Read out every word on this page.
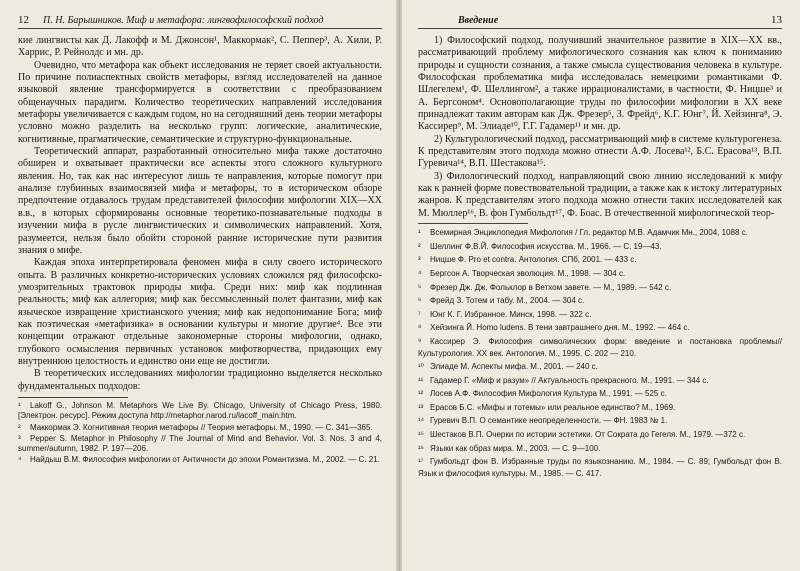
12 П. Н. Барышников. Миф и метафора: лингвофилософский подход

кие лингвисты как Д. Лакофф и М. Джонсон¹, Маккормак², С. Пеппер³, А. Хили, Р. Харрис, Р. Рейнолдс и мн. др.

Очевидно, что метафора как объект исследования не теряет своей актуальности. По причине полиаспектных свойств метафоры, взгляд исследователей на данное языковой явление трансформируется в соответствии с преобразованием общенаучных парадигм. Количество теоретических направлений исследования метафоры увеличивается с каждым годом, но на сегодняшний день теории метафоры условно можно разделить на несколько групп: логические, аналитические, когнитивные, прагматические, семантические и структурно-функциональные.

Теоретический аппарат, разработанный относительно мифа также достаточно обширен и охватывает практически все аспекты этого сложного культурного явления. Но, так как нас интересуют лишь те направления, которые помогут при анализе глубинных взаимосвязей мифа и метафоры, то в историческом обзоре предпочтение отдавалось трудам представителей философии мифологии XIX—XX в.в., в которых сформированы основные теоретико-познавательные подходы в изучении мифа в русле лингвистических и символических направлений. Хотя, разумеется, нельзя было обойти стороной ранние исторические пути развития знания о мифе.

Каждая эпоха интерпретировала феномен мифа в силу своего исторического опыта. В различных конкретно-исторических условиях сложился ряд философско-умозрительных трактовок природы мифа. Среди них: миф как подлинная реальность; миф как аллегория; миф как бессмысленный полет фантазии, миф как языческое извращение христианского учения; миф как недопонимание Бога; миф как поэтическая «метафизика» в основании культуры и многие другие⁴. Все эти концепции отражают отдельные закономерные стороны мифологии, однако, глубокого осмысления первичных установок мифотворчества, придающих ему внутреннюю целостность и единство они еще не достигли.

В теоретических исследованиях мифологии традиционно выделяется несколько фундаментальных подходов:

¹ Lakoff G., Johnson M. Metaphors We Live By. Chicago, University of Chicago Press, 1980. [Электрон. ресурс]. Режим доступа http://metaphor.narod.ru/lacoff_main.htm.
² Маккормак Э. Когнитивная теория метафоры // Теория метафоры. М., 1990. — С. 341—365.
³ Pepper S. Metaphor in Philosophy // The Journal of Mind and Behavior. Vol. 3. Nos. 3 and 4, summer/autumn, 1982. P. 197—206.
⁴ Найдыш В.М. Философия мифологии от Античности до эпохи Романтизма. М., 2002. — С. 21.
Введение	13

1) Философский подход, получивший значительное развитие в XIX—XX вв., рассматривающий проблему мифологического сознания как ключ к пониманию природы и сущности сознания, а также смысла существования человека в культуре. Философская проблематика мифа исследовалась немецкими романтиками Ф. Шлегелем¹, Ф. Шеллингом², а также иррационалистами, в частности, Ф. Ницше³ и А. Бергсоном⁴. Основополагающие труды по философии мифологии в XX веке принадлежат таким авторам как Дж. Фрезер⁵, З. Фрейд⁶, К.Г. Юнг⁷, Й. Хейзинга⁸, Э. Кассирер⁹, М. Элиаде¹⁰, Г.Г. Гадамер¹¹ и мн. др.

2) Культурологический подход, рассматривающий миф в системе культурогенеза. К представителям этого подхода можно отнести А.Ф. Лосева¹², Б.С. Ерасова¹³, В.П. Гуревича¹⁴, В.П. Шестакова¹⁵.

3) Филологический подход, направляющий свою линию исследований к мифу как к ранней форме повествовательной традиции, а также как к истоку литературных жанров. К представителям этого подхода можно отнести таких исследователей как М. Мюллер¹⁶, В. фон Гумбольдт¹⁷, Ф. Боас. В отечественной мифологической теор-

¹ Всемирная Энциклопедия Мифология / Гл. редактор М.В. Адамчик Мн., 2004, 1088 с.
² Шеллинг Ф.В.Й. Философия искусства. М., 1966. — С. 19—43.
³ Ницше Ф. Pro et contra. Антология. СПб, 2001. — 433 с.
⁴ Бергсон А. Творческая эволюция. М., 1998. — 304 с.
⁵ Фрезер Дж. Дж. Фольклор в Ветхом завете. — М., 1989. — 542 с.
⁶ Фрейд З. Тотем и табу. М., 2004. — 304 с.
⁷ Юнг К. Г. Избранное. Минск, 1998. — 322 с.
⁸ Хейзинга Й. Homo ludens. В тени завтрашнего дня. М., 1992. — 464 с.
⁹ Кассирер Э. Философия символических форм: введение и постановка проблемы//Культурология. XX век. Антология. М., 1995. С. 202 — 210.
¹⁰ Элиаде М. Аспекты мифа. М., 2001. — 240 с.
¹¹ Гадамер Г. «Миф и разум» // Актуальность прекрасного. М., 1991. — 344 с.
¹² Лосев А.Ф. Философия Мифология Культура М., 1991. — 525 с.
¹³ Ерасов Б.С. «Мифы и тотемы» или реальное единство? М., 1969.
¹⁴ Гуревич В.П. О семантике неопределенности. — ФН. 1983 № 1.
¹⁵ Шестаков В.П. Очерки по истории эстетики. От Сократа до Гегеля. М., 1979. —372 с.
¹⁶ Языки как образ мира. М., 2003. — С. 9—100.
¹⁷ Гумбольдт фон В. Избранные труды по языкознанию. М., 1984. — С. 89; Гумбольдт фон В. Язык и философия культуры. М., 1985. — С. 417.
